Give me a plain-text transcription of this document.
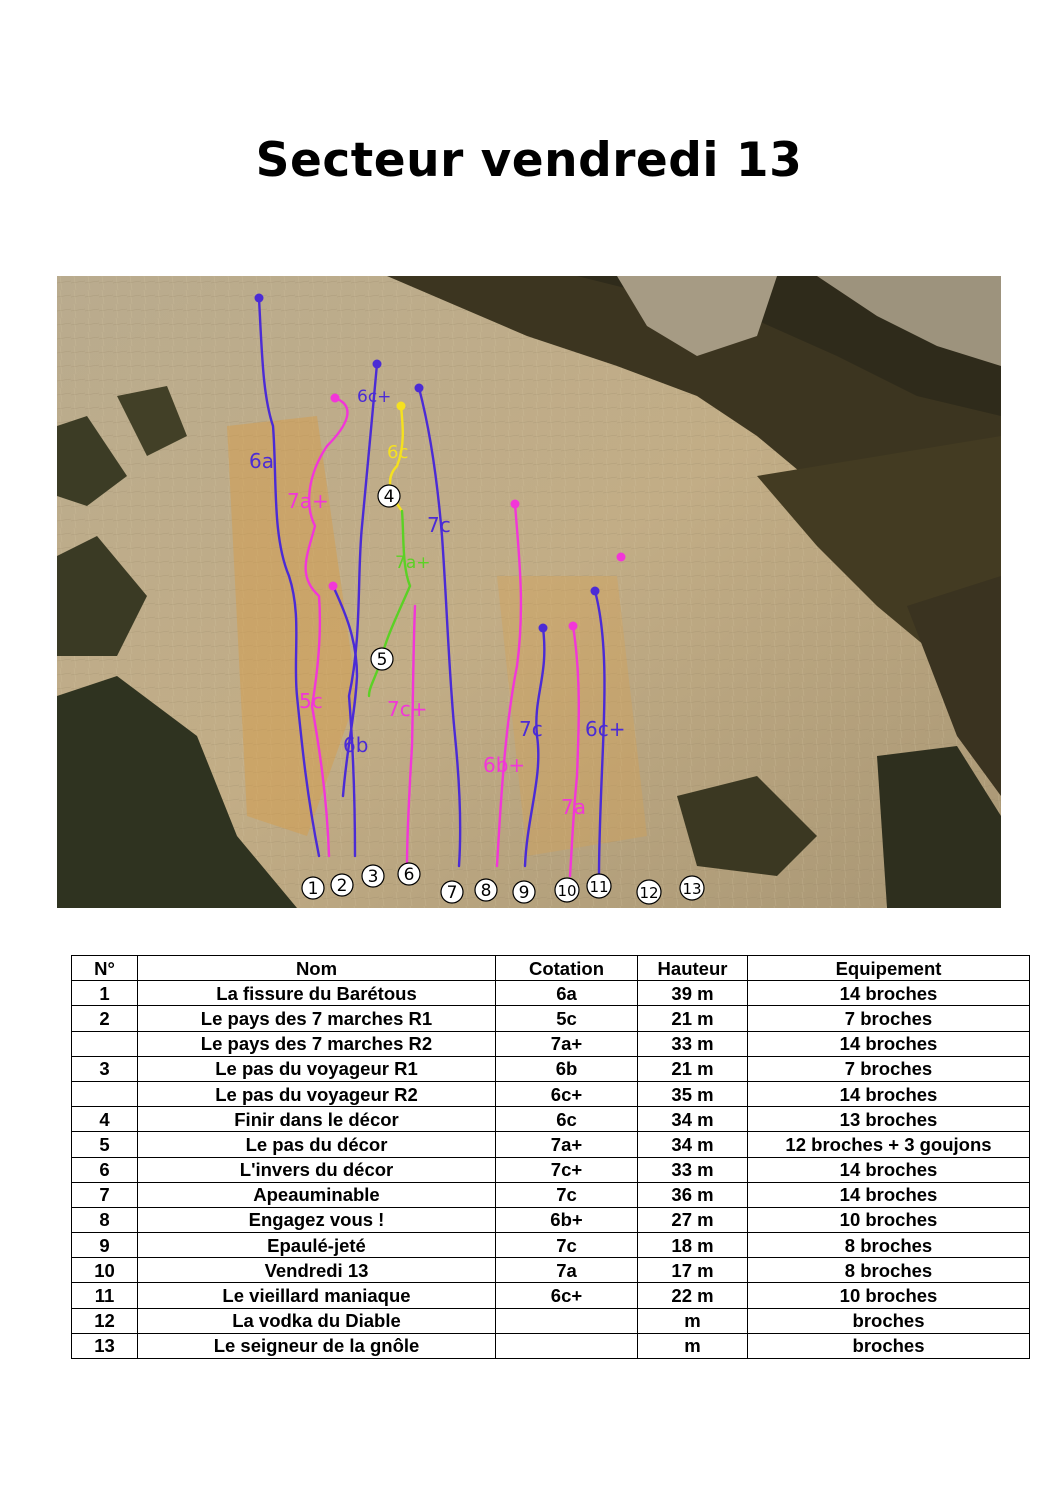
Secteur vendredi 13
6a
6c+
6c
7a+
7c
7a+
5c	7c+
6b
6b+
7c 6c+
7a
1 2 3
4
5
6
7 8 9 10 11 12 13
N°	Nom	Cotation	Hauteur	Equipement
1	La fissure du Barétous	6a	39 m	14 broches
2	Le pays des 7 marches R1	5c	21 m	7 broches
	Le pays des 7 marches R2	7a+	33 m	14 broches
3	Le pas du voyageur R1	6b	21 m	7 broches
	Le pas du voyageur R2	6c+	35 m	14 broches
4	Finir dans le décor	6c	34 m	13 broches
5	Le pas du décor	7a+	34 m	12 broches + 3 goujons
6	L'invers du décor	7c+	33 m	14 broches
7	Apeauminable	7c	36 m	14 broches
8	Engagez vous !	6b+	27 m	10 broches
9	Epaulé-jeté	7c	18 m	8 broches
10	Vendredi 13	7a	17 m	8 broches
11	Le vieillard maniaque	6c+	22 m	10 broches
12	La vodka du Diable		m	broches
13	Le seigneur de la gnôle		m	broches
